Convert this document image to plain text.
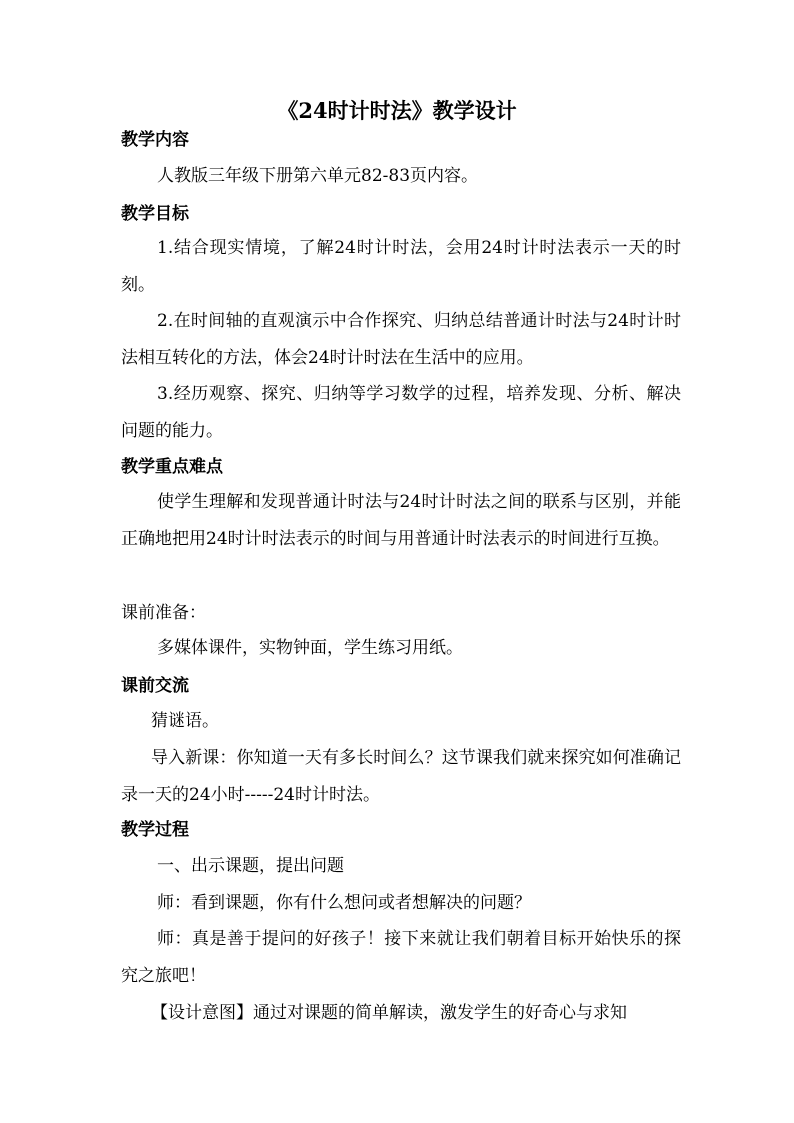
《24时计时法》教学设计
教学内容
人教版三年级下册第六单元82-83页内容。
教学目标
1.结合现实情境，了解24时计时法，会用24时计时法表示一天的时刻。
2.在时间轴的直观演示中合作探究、归纳总结普通计时法与24时计时法相互转化的方法，体会24时计时法在生活中的应用。
3.经历观察、探究、归纳等学习数学的过程，培养发现、分析、解决问题的能力。
教学重点难点
使学生理解和发现普通计时法与24时计时法之间的联系与区别，并能正确地把用24时计时法表示的时间与用普通计时法表示的时间进行互换。
课前准备：
多媒体课件，实物钟面，学生练习用纸。
课前交流
猜谜语。
导入新课：你知道一天有多长时间么？这节课我们就来探究如何准确记录一天的24小时-----24时计时法。
教学过程
一、出示课题，提出问题
师：看到课题，你有什么想问或者想解决的问题？
师：真是善于提问的好孩子！接下来就让我们朝着目标开始快乐的探究之旅吧！
【设计意图】通过对课题的简单解读，激发学生的好奇心与求知
